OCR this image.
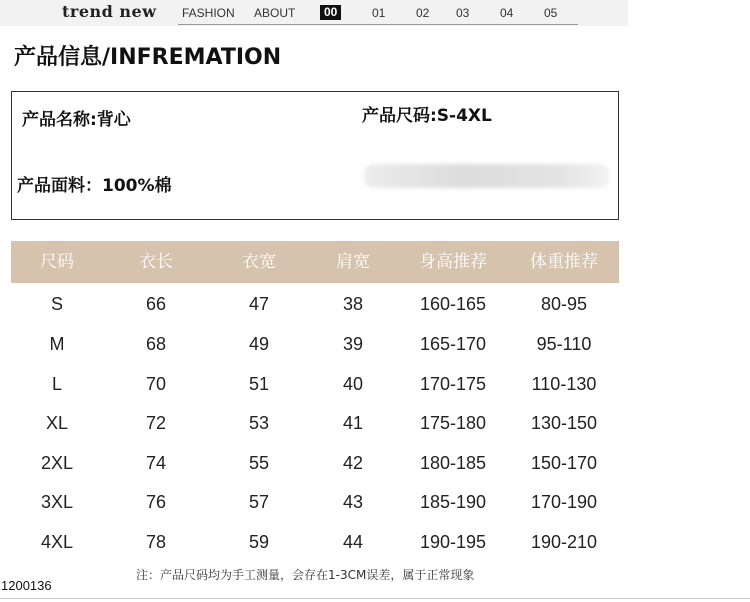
trend new FASHION ABOUT	00	01	02 03	04	05
产品信息/INFREMATION
产品名称:背心	产品尺码:S-4XL
产品面料：100%棉
尺码	衣长	衣宽	肩宽	身高推荐	体重推荐
S	66	47	38	160-165	80-95
M	68	49	39	165-170	95-110
L	70	51	40	170-175	110-130
XL	72	53	41	175-180	130-150
2XL	74	55	42	180-185	150-170
3XL	76	57	43	185-190	170-190
4XL	78	59	44	190-195	190-210
注：产品尺码均为手工测量，会存在1-3CM误差，属于正常现象
1200136
